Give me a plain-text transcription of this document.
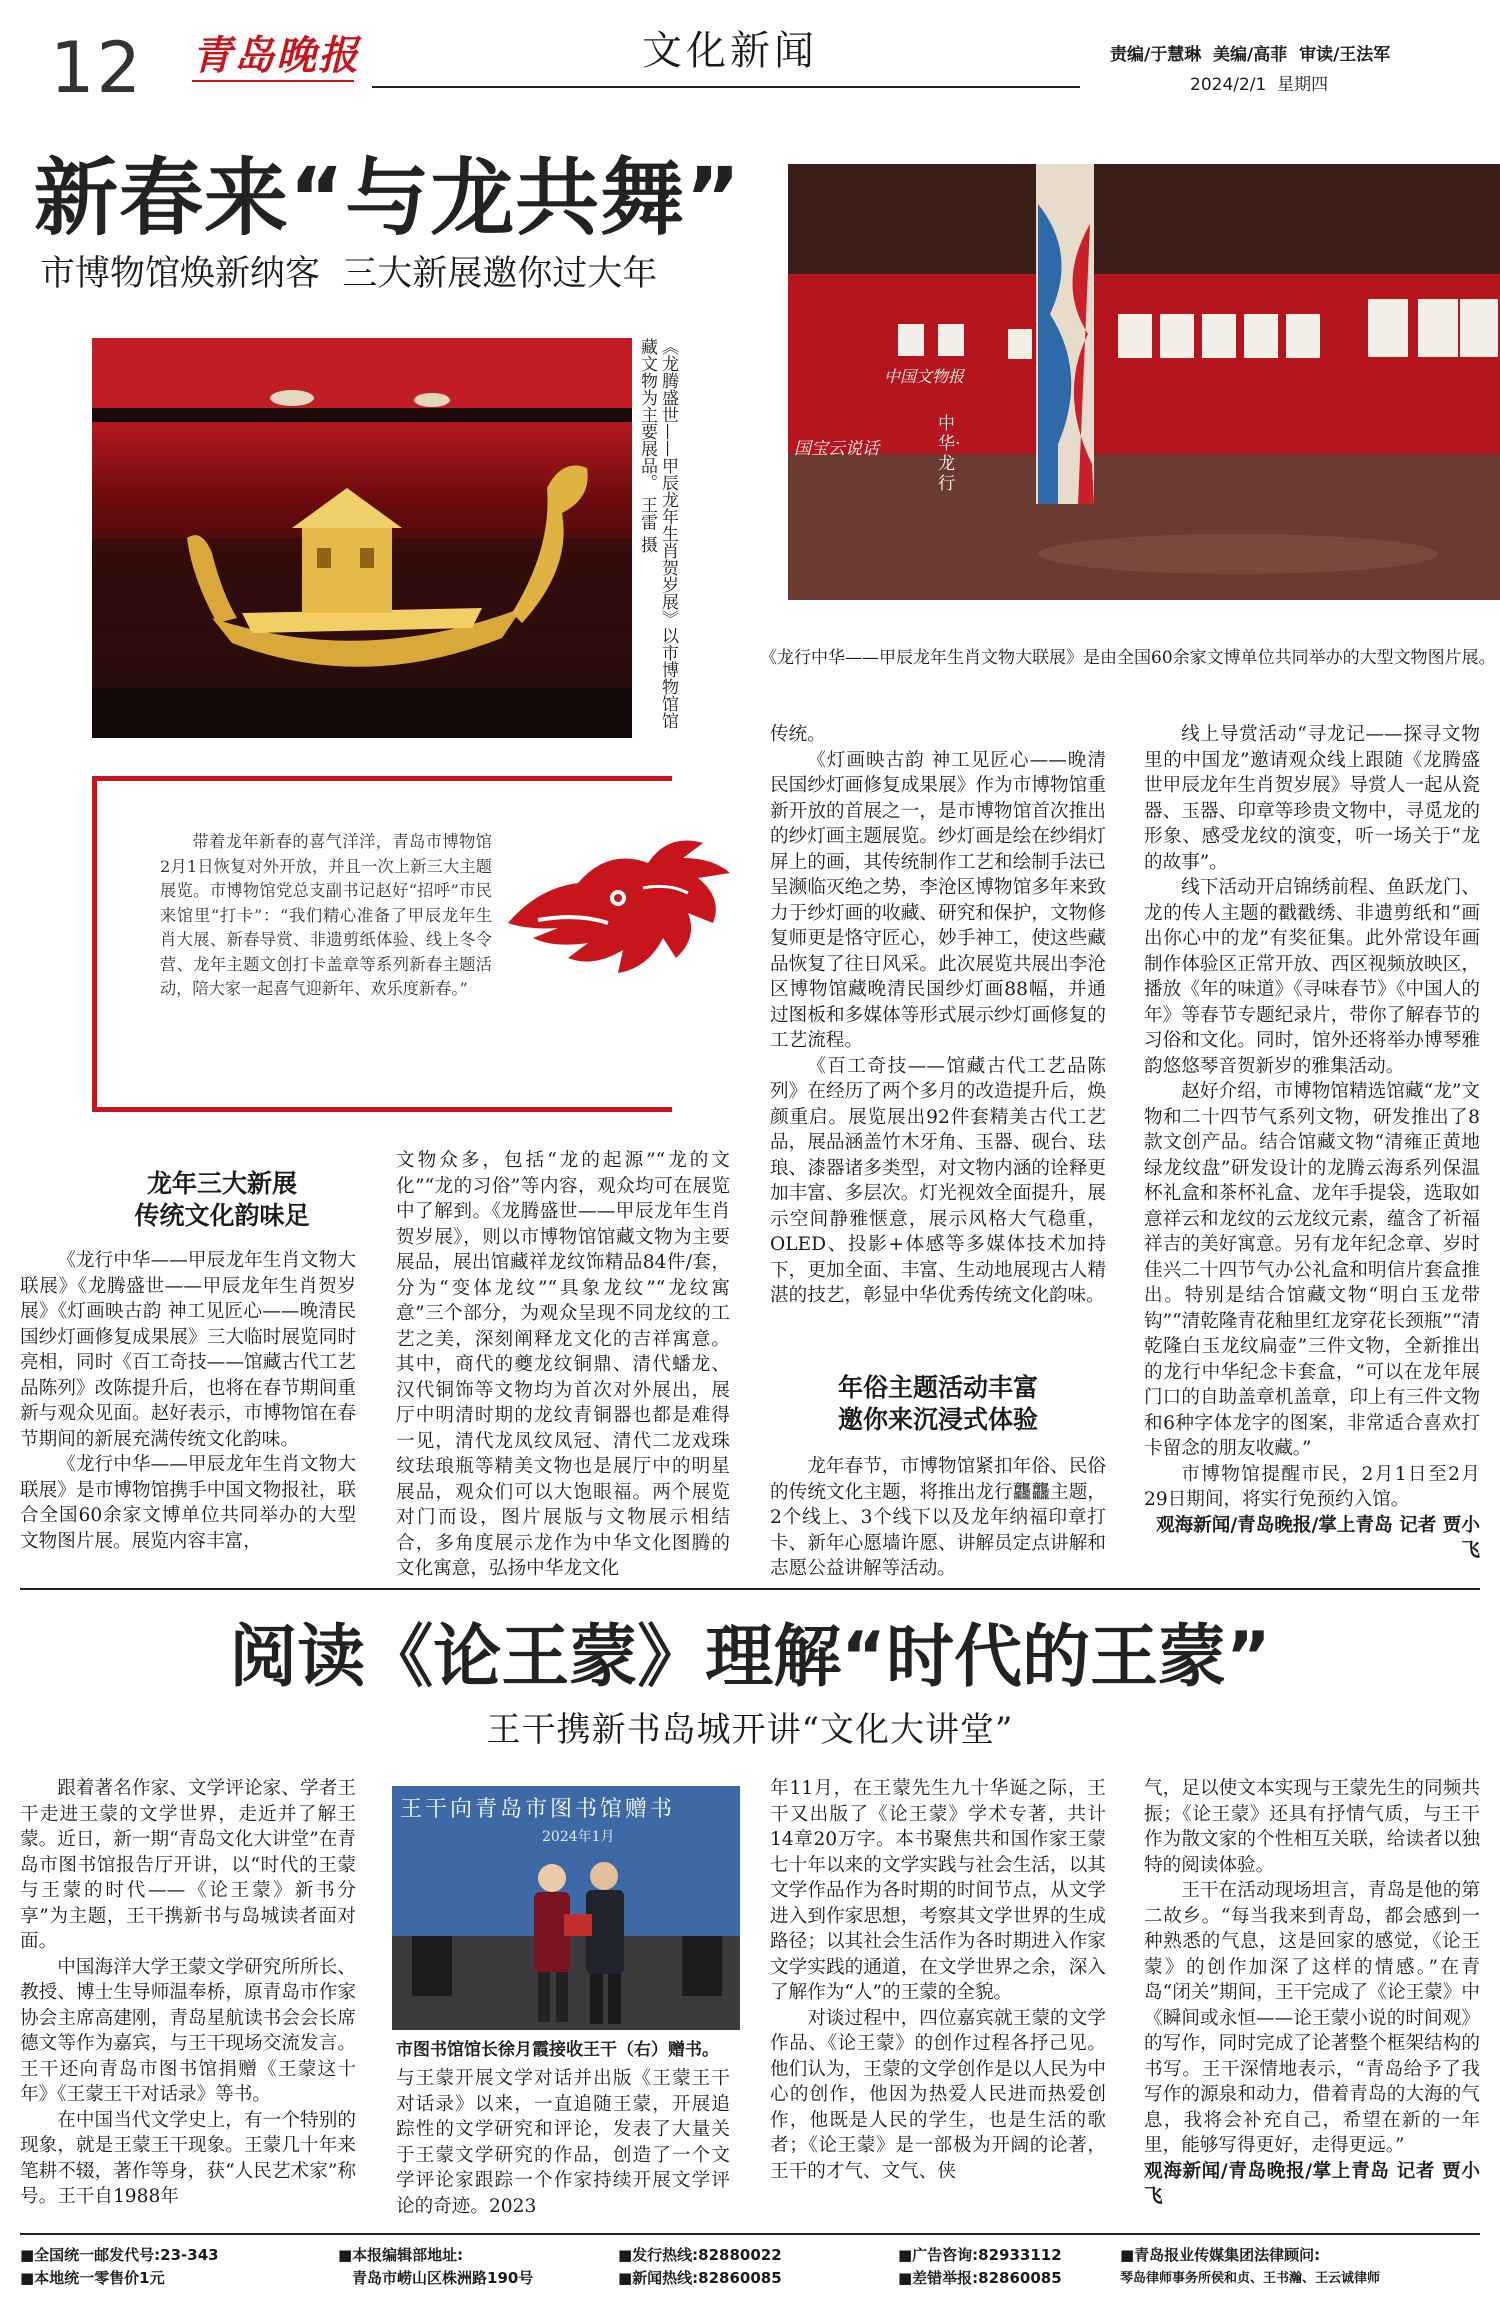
12 青岛晚报	文化新闻	责编/于慧琳  美编/高菲  审读/王法军
2024/2/1  星期四
新春来“与龙共舞”
市博物馆焕新纳客  三大新展邀你过大年
《龙腾盛世——甲辰龙年生肖贺岁展》以市博物馆馆藏文物为主要展品。 王雷 摄	中国文物报
国宝云说话
中华·龙行
《龙行中华——甲辰龙年生肖文物大联展》是由全国60余家文博单位共同举办的大型文物图片展。
带着龙年新春的喜气洋洋，青岛市博物馆2月1日恢复对外开放，并且一次上新三大主题展览。市博物馆党总支副书记赵好“招呼”市民来馆里“打卡”：“我们精心准备了甲辰龙年生肖大展、新春导赏、非遗剪纸体验、线上冬令营、龙年主题文创打卡盖章等系列新春主题活动，陪大家一起喜气迎新年、欢乐度新春。”
龙年三大新展
传统文化韵味足

《龙行中华——甲辰龙年生肖文物大联展》《龙腾盛世——甲辰龙年生肖贺岁展》《灯画映古韵 神工见匠心——晚清民国纱灯画修复成果展》三大临时展览同时亮相，同时《百工奇技——馆藏古代工艺品陈列》改陈提升后，也将在春节期间重新与观众见面。赵好表示，市博物馆在春节期间的新展充满传统文化韵味。

《龙行中华——甲辰龙年生肖文物大联展》是市博物馆携手中国文物报社，联合全国60余家文博单位共同举办的大型文物图片展。展览内容丰富，

文物众多，包括“龙的起源”“龙的文化”“龙的习俗”等内容，观众均可在展览中了解到。《龙腾盛世——甲辰龙年生肖贺岁展》，则以市博物馆馆藏文物为主要展品，展出馆藏祥龙纹饰精品84件/套，分为“变体龙纹”“具象龙纹”“龙纹寓意”三个部分，为观众呈现不同龙纹的工艺之美，深刻阐释龙文化的吉祥寓意。其中，商代的夔龙纹铜鼎、清代蟠龙、汉代铜饰等文物均为首次对外展出，展厅中明清时期的龙纹青铜器也都是难得一见，清代龙凤纹凤冠、清代二龙戏珠纹珐琅瓶等精美文物也是展厅中的明星展品，观众们可以大饱眼福。两个展览对门而设，图片展版与文物展示相结合，多角度展示龙作为中华文化图腾的文化寓意，弘扬中华龙文化

传统。

《灯画映古韵 神工见匠心——晚清民国纱灯画修复成果展》作为市博物馆重新开放的首展之一，是市博物馆首次推出的纱灯画主题展览。纱灯画是绘在纱绢灯屏上的画，其传统制作工艺和绘制手法已呈濒临灭绝之势，李沧区博物馆多年来致力于纱灯画的收藏、研究和保护，文物修复师更是恪守匠心，妙手神工，使这些藏品恢复了往日风采。此次展览共展出李沧区博物馆藏晚清民国纱灯画88幅，并通过图板和多媒体等形式展示纱灯画修复的工艺流程。

《百工奇技——馆藏古代工艺品陈列》在经历了两个多月的改造提升后，焕颜重启。展览展出92件套精美古代工艺品，展品涵盖竹木牙角、玉器、砚台、珐琅、漆器诸多类型，对文物内涵的诠释更加丰富、多层次。灯光视效全面提升，展示空间静雅惬意，展示风格大气稳重，OLED、投影+体感等多媒体技术加持下，更加全面、丰富、生动地展现古人精湛的技艺，彰显中华优秀传统文化韵味。

年俗主题活动丰富
邀你来沉浸式体验

龙年春节，市博物馆紧扣年俗、民俗的传统文化主题，将推出龙行龘龘主题，2个线上、3个线下以及龙年纳福印章打卡、新年心愿墙许愿、讲解员定点讲解和志愿公益讲解等活动。

线上导赏活动“寻龙记——探寻文物里的中国龙”邀请观众线上跟随《龙腾盛世甲辰龙年生肖贺岁展》导赏人一起从瓷器、玉器、印章等珍贵文物中，寻觅龙的形象、感受龙纹的演变，听一场关于“龙的故事”。

线下活动开启锦绣前程、鱼跃龙门、龙的传人主题的戳戳绣、非遗剪纸和“画出你心中的龙”有奖征集。此外常设年画制作体验区正常开放、西区视频放映区，播放《年的味道》《寻味春节》《中国人的年》等春节专题纪录片，带你了解春节的习俗和文化。同时，馆外还将举办博琴雅韵悠悠琴音贺新岁的雅集活动。

赵好介绍，市博物馆精选馆藏“龙”文物和二十四节气系列文物，研发推出了8款文创产品。结合馆藏文物“清雍正黄地绿龙纹盘”研发设计的龙腾云海系列保温杯礼盒和茶杯礼盒、龙年手提袋，选取如意祥云和龙纹的云龙纹元素，蕴含了祈福祥吉的美好寓意。另有龙年纪念章、岁时佳兴二十四节气办公礼盒和明信片套盒推出。特别是结合馆藏文物“明白玉龙带钩”“清乾隆青花釉里红龙穿花长颈瓶”“清乾隆白玉龙纹扁壶”三件文物，全新推出的龙行中华纪念卡套盒，“可以在龙年展门口的自助盖章机盖章，印上有三件文物和6种字体龙字的图案，非常适合喜欢打卡留念的朋友收藏。”

市博物馆提醒市民，2月1日至2月29日期间，将实行免预约入馆。

观海新闻/青岛晚报/掌上青岛 记者 贾小飞

阅读《论王蒙》理解“时代的王蒙”
王干携新书岛城开讲“文化大讲堂”

跟着著名作家、文学评论家、学者王干走进王蒙的文学世界，走近并了解王蒙。近日，新一期“青岛文化大讲堂”在青岛市图书馆报告厅开讲，以“时代的王蒙与王蒙的时代——《论王蒙》新书分享”为主题，王干携新书与岛城读者面对面。

中国海洋大学王蒙文学研究所所长、教授、博士生导师温奉桥，原青岛市作家协会主席高建刚，青岛星航读书会会长席德文等作为嘉宾，与王干现场交流发言。王干还向青岛市图书馆捐赠《王蒙这十年》《王蒙王干对话录》等书。

在中国当代文学史上，有一个特别的现象，就是王蒙王干现象。王蒙几十年来笔耕不辍，著作等身，获“人民艺术家”称号。王干自1988年

王干向青岛市图书馆赠书
2024年1月
市图书馆馆长徐月霞接收王干（右）赠书。

与王蒙开展文学对话并出版《王蒙王干对话录》以来，一直追随王蒙，开展追踪性的文学研究和评论，发表了大量关于王蒙文学研究的作品，创造了一个文学评论家跟踪一个作家持续开展文学评论的奇迹。2023

年11月，在王蒙先生九十华诞之际，王干又出版了《论王蒙》学术专著，共计14章20万字。本书聚焦共和国作家王蒙七十年以来的文学实践与社会生活，以其文学作品作为各时期的时间节点，从文学进入到作家思想，考察其文学世界的生成路径；以其社会生活作为各时期进入作家文学实践的通道，在文学世界之余，深入了解作为“人”的王蒙的全貌。

对谈过程中，四位嘉宾就王蒙的文学作品、《论王蒙》的创作过程各抒己见。他们认为，王蒙的文学创作是以人民为中心的创作，他因为热爱人民进而热爱创作，他既是人民的学生，也是生活的歌者；《论王蒙》是一部极为开阔的论著，王干的才气、文气、侠

气，足以使文本实现与王蒙先生的同频共振；《论王蒙》还具有抒情气质，与王干作为散文家的个性相互关联，给读者以独特的阅读体验。

王干在活动现场坦言，青岛是他的第二故乡。“每当我来到青岛，都会感到一种熟悉的气息，这是回家的感觉，《论王蒙》的创作加深了这样的情感。”在青岛“闭关”期间，王干完成了《论王蒙》中《瞬间或永恒——论王蒙小说的时间观》的写作，同时完成了论著整个框架结构的书写。王干深情地表示，“青岛给予了我写作的源泉和动力，借着青岛的大海的气息，我将会补充自己，希望在新的一年里，能够写得更好，走得更远。”

观海新闻/青岛晚报/掌上青岛 记者 贾小飞

■全国统一邮发代号:23-343
■本地统一零售价1元
■本报编辑部地址:
青岛市崂山区株洲路190号
■发行热线:82880022
■新闻热线:82860085
■广告咨询:82933112
■差错举报:82860085
■青岛报业传媒集团法律顾问:
琴岛律师事务所侯和贞、王书瀚、王云诚律师
